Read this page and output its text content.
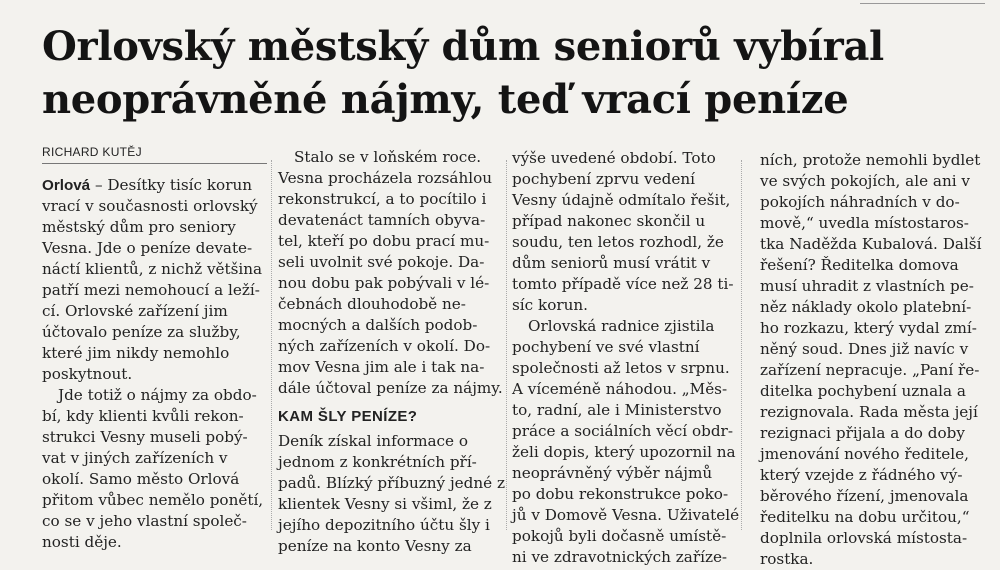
Orlovský městský dům seniorů vybíral
neoprávněné nájmy, teď vrací peníze
RICHARD KUTĚJ
Orlová – Desítky tisíc korun
vrací v současnosti orlovský
městský dům pro seniory
Vesna. Jde o peníze devate-
náctí klientů, z nichž většina
patří mezi nemohoucí a leží-
cí. Orlovské zařízení jim
účtovalo peníze za služby,
které jim nikdy nemohlo
poskytnout.
Jde totiž o nájmy za obdo-
bí, kdy klienti kvůli rekon-
strukci Vesny museli pobý-
vat v jiných zařízeních v
okolí. Samo město Orlová
přitom vůbec nemělo ponětí,
co se v jeho vlastní společ-
nosti děje.
Stalo se v loňském roce.
Vesna procházela rozsáhlou
rekonstrukcí, a to pocítilo i
devatenáct tamních obyva-
tel, kteří po dobu prací mu-
seli uvolnit své pokoje. Da-
nou dobu pak pobývali v lé-
čebnách dlouhodobě ne-
mocných a dalších podob-
ných zařízeních v okolí. Do-
mov Vesna jim ale i tak na-
dále účtoval peníze za nájmy.
KAM ŠLY PENÍZE?
Deník získal informace o
jednom z konkrétních pří-
padů. Blízký příbuzný jedné z
klientek Vesny si všiml, že z
jejího depozitního účtu šly i
peníze na konto Vesny za
výše uvedené období. Toto
pochybení zprvu vedení
Vesny údajně odmítalo řešit,
případ nakonec skončil u
soudu, ten letos rozhodl, že
dům seniorů musí vrátit v
tomto případě více než 28 ti-
síc korun.
Orlovská radnice zjistila
pochybení ve své vlastní
společnosti až letos v srpnu.
A víceméně náhodou. „Měs-
to, radní, ale i Ministerstvo
práce a sociálních věcí obdr-
želi dopis, který upozornil na
neoprávněný výběr nájmů
po dobu rekonstrukce poko-
jů v Domově Vesna. Uživatelé
pokojů byli dočasně umístě-
ni ve zdravotnických zaříze-
ních, protože nemohli bydlet
ve svých pokojích, ale ani v
pokojích náhradních v do-
mově,“ uvedla místostaros-
tka Naděžda Kubalová. Další
řešení? Ředitelka domova
musí uhradit z vlastních pe-
něz náklady okolo platební-
ho rozkazu, který vydal zmí-
něný soud. Dnes již navíc v
zařízení nepracuje. „Paní ře-
ditelka pochybení uznala a
rezignovala. Rada města její
rezignaci přijala a do doby
jmenování nového ředitele,
který vzejde z řádného vý-
běrového řízení, jmenovala
ředitelku na dobu určitou,“
doplnila orlovská místosta-
rostka.
